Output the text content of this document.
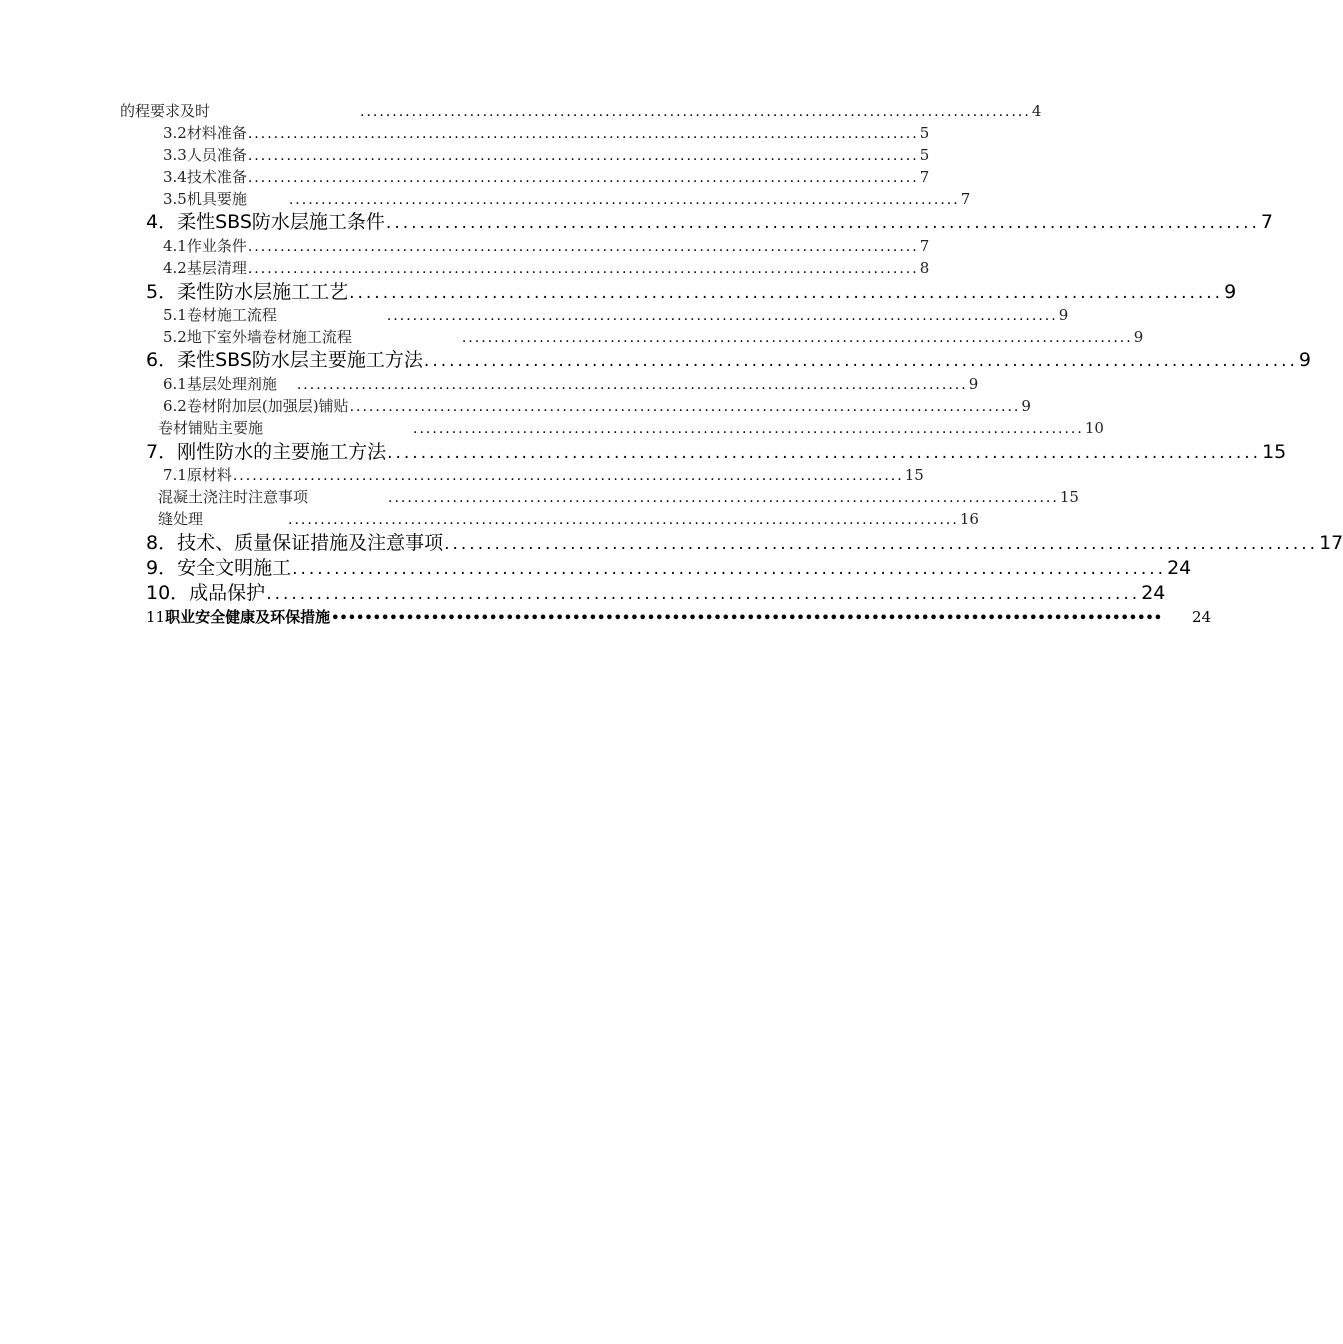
的程要求及时	........................................................................................................ 4
3.2材料准备 ........................................................................................................ 5
3.3人员准备 ........................................................................................................ 5
3.4技术准备 ........................................................................................................ 7
3.5机具要施	........................................................................................................ 7
4．柔性SBS防水层施工条件 ........................................................................................................ 7
4.1作业条件 ........................................................................................................ 7
4.2基层清理 ........................................................................................................ 8
5．柔性防水层施工工艺 ........................................................................................................ 9
5.1卷材施工流程	........................................................................................................ 9
5.2地下室外墙卷材施工流程	........................................................................................................ 9
6．柔性SBS防水层主要施工方法 ........................................................................................................ 9
6.1基层处理剂施 ........................................................................................................ 9
6.2卷材附加层(加强层)铺贴 ........................................................................................................ 9
卷材铺贴主要施	........................................................................................................ 10
7．刚性防水的主要施工方法 ........................................................................................................ 15
7.1原材料 ........................................................................................................ 15
混凝土浇注时注意事项	........................................................................................................ 15
缝处理	........................................................................................................ 16
8．技术、质量保证措施及注意事项 ........................................................................................................ 17
9．安全文明施工 ........................................................................................................ 24
10．成品保护 ........................................................................................................ 24
11职业安全健康及环保措施 •••••••••••••••••••••••••••••••••••••••••••••••••••••••••••••••••••••••••••••••••••••••••••••••••••• 24
